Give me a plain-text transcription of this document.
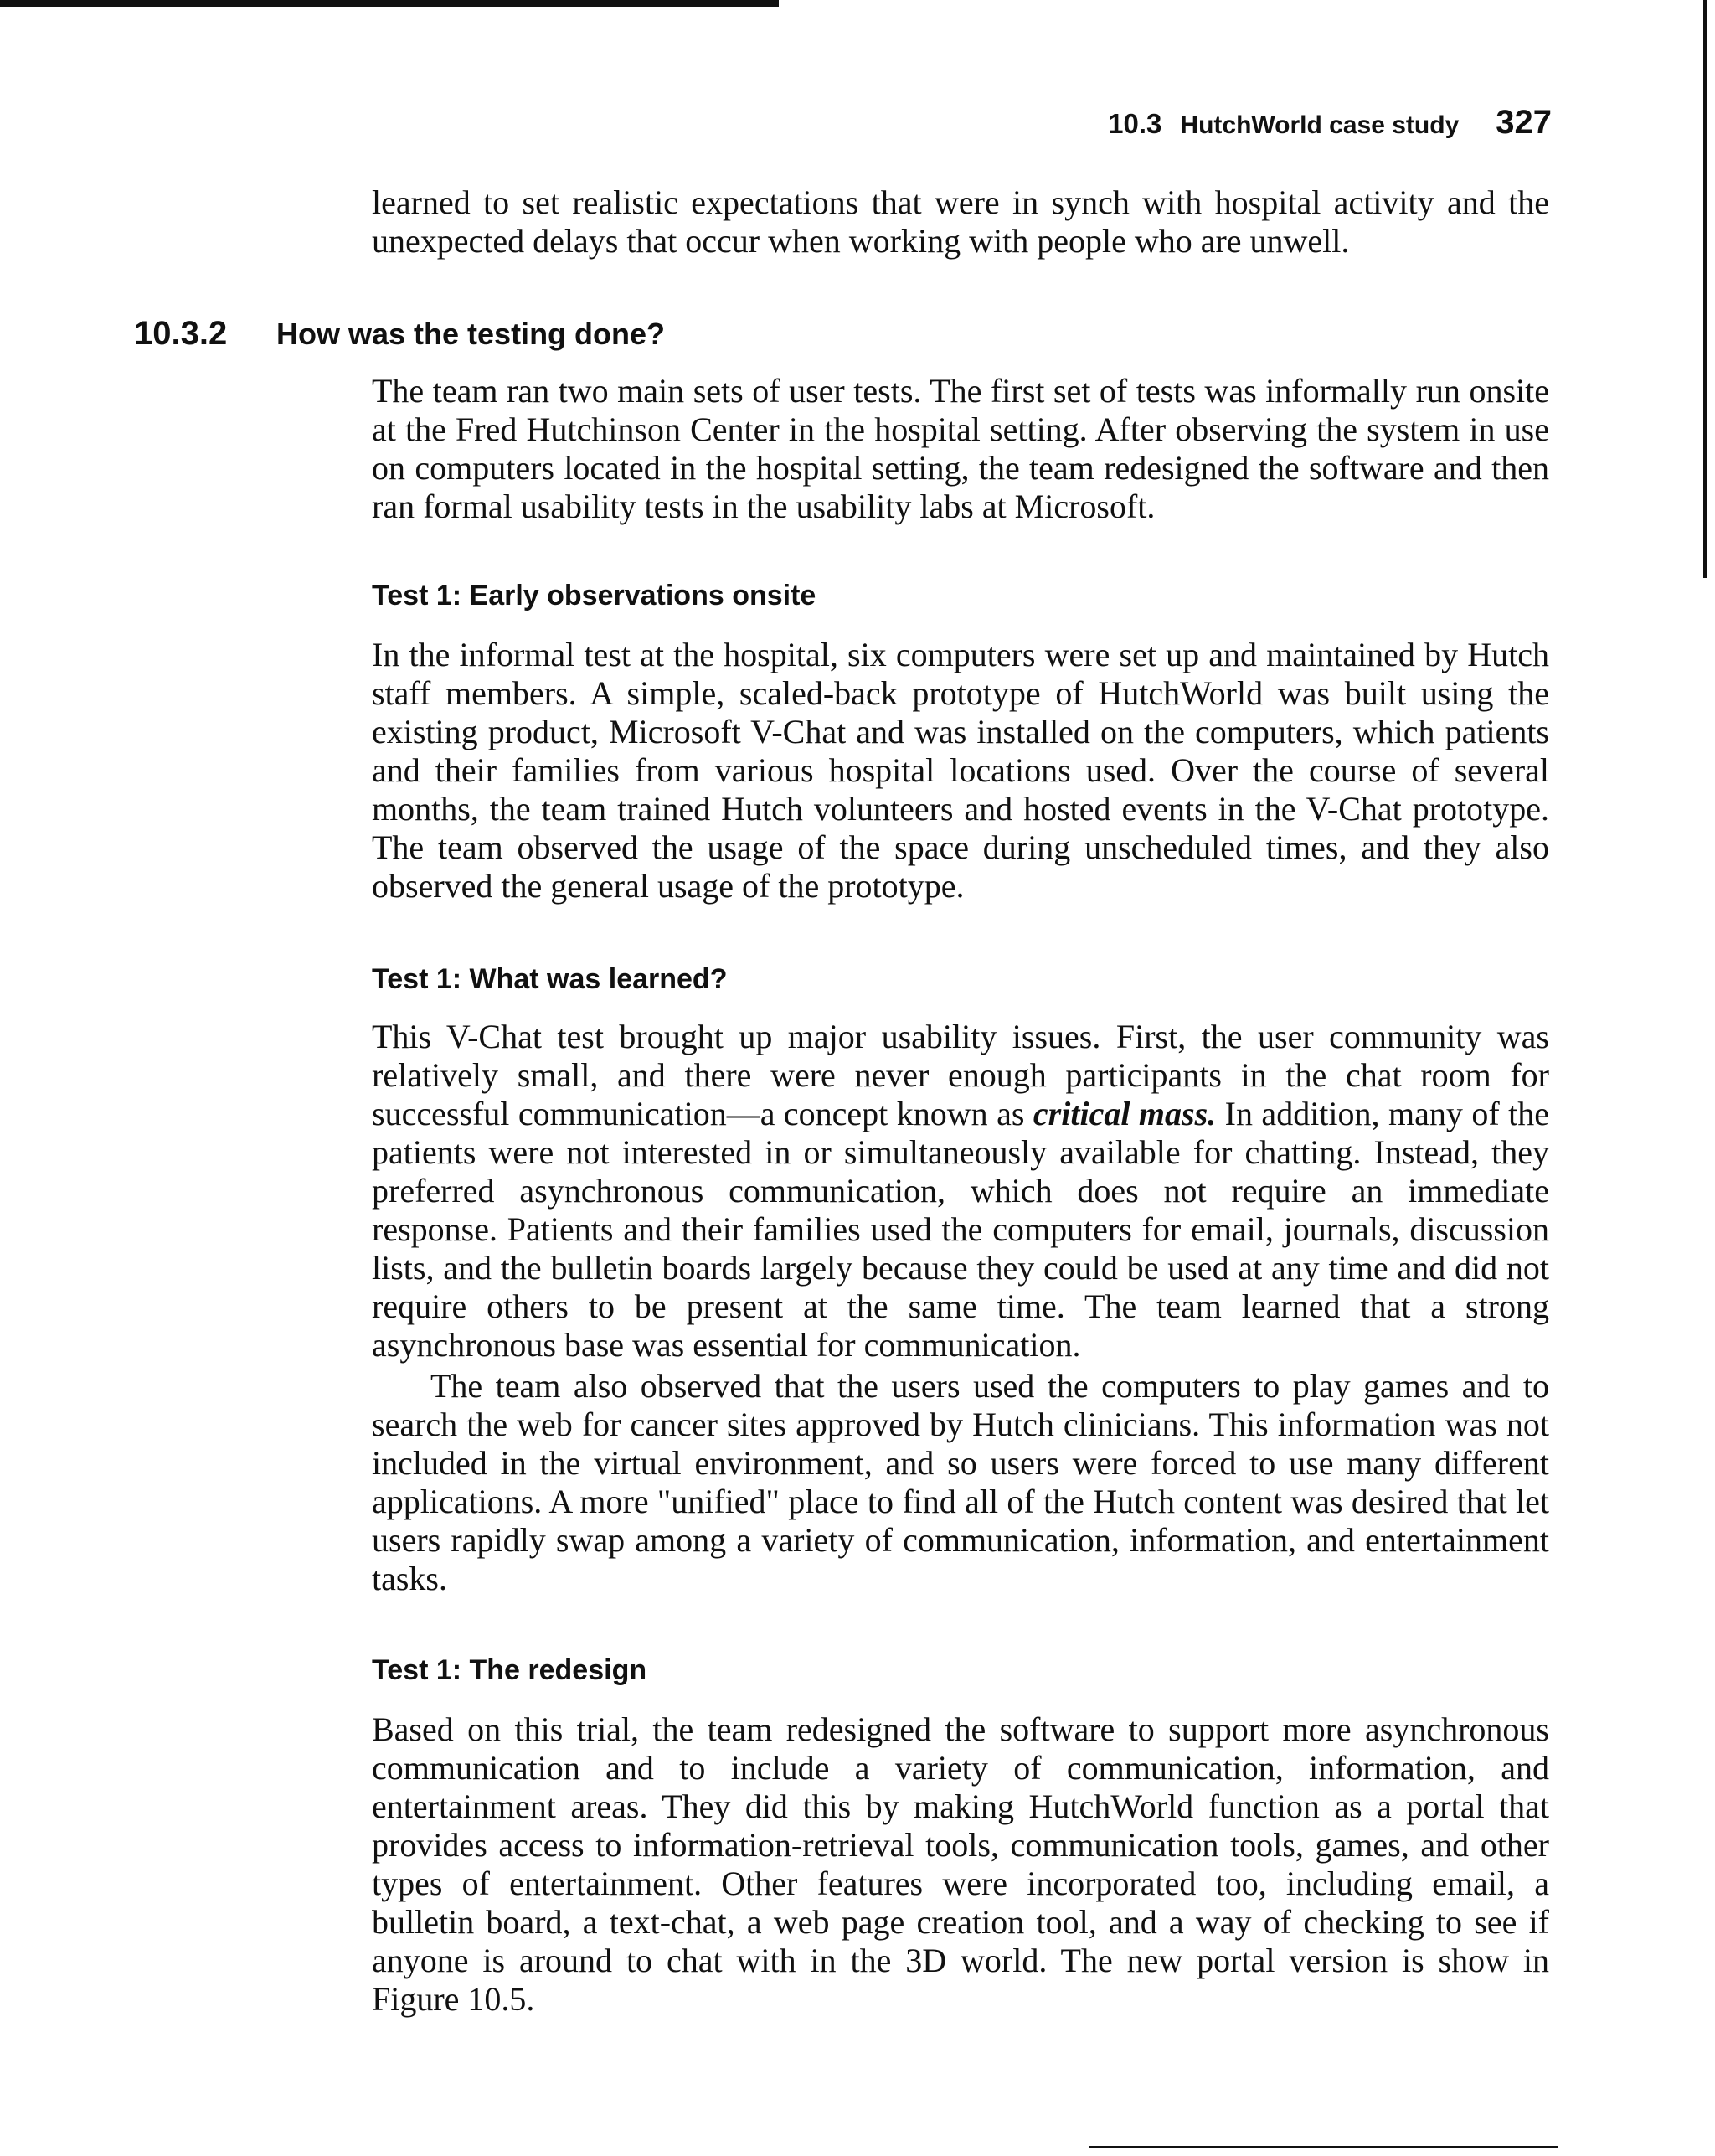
10.3 HutchWorld case study 327

learned to set realistic expectations that were in synch with hospital activity and the unexpected delays that occur when working with people who are unwell.

10.3.2 How was the testing done?

The team ran two main sets of user tests. The first set of tests was informally run onsite at the Fred Hutchinson Center in the hospital setting. After observing the system in use on computers located in the hospital setting, the team redesigned the software and then ran formal usability tests in the usability labs at Microsoft.

Test 1: Early observations onsite

In the informal test at the hospital, six computers were set up and maintained by Hutch staff members. A simple, scaled-back prototype of HutchWorld was built using the existing product, Microsoft V-Chat and was installed on the computers, which patients and their families from various hospital locations used. Over the course of several months, the team trained Hutch volunteers and hosted events in the V-Chat prototype. The team observed the usage of the space during unscheduled times, and they also observed the general usage of the prototype.

Test 1: What was learned?

This V-Chat test brought up major usability issues. First, the user community was relatively small, and there were never enough participants in the chat room for successful communication—a concept known as critical mass. In addition, many of the patients were not interested in or simultaneously available for chatting. Instead, they preferred asynchronous communication, which does not require an immediate response. Patients and their families used the computers for email, journals, discussion lists, and the bulletin boards largely because they could be used at any time and did not require others to be present at the same time. The team learned that a strong asynchronous base was essential for communication.

The team also observed that the users used the computers to play games and to search the web for cancer sites approved by Hutch clinicians. This information was not included in the virtual environment, and so users were forced to use many different applications. A more "unified" place to find all of the Hutch content was desired that let users rapidly swap among a variety of communication, information, and entertainment tasks.

Test 1: The redesign

Based on this trial, the team redesigned the software to support more asynchronous communication and to include a variety of communication, information, and entertainment areas. They did this by making HutchWorld function as a portal that provides access to information-retrieval tools, communication tools, games, and other types of entertainment. Other features were incorporated too, including email, a bulletin board, a text-chat, a web page creation tool, and a way of checking to see if anyone is around to chat with in the 3D world. The new portal version is show in Figure 10.5.
